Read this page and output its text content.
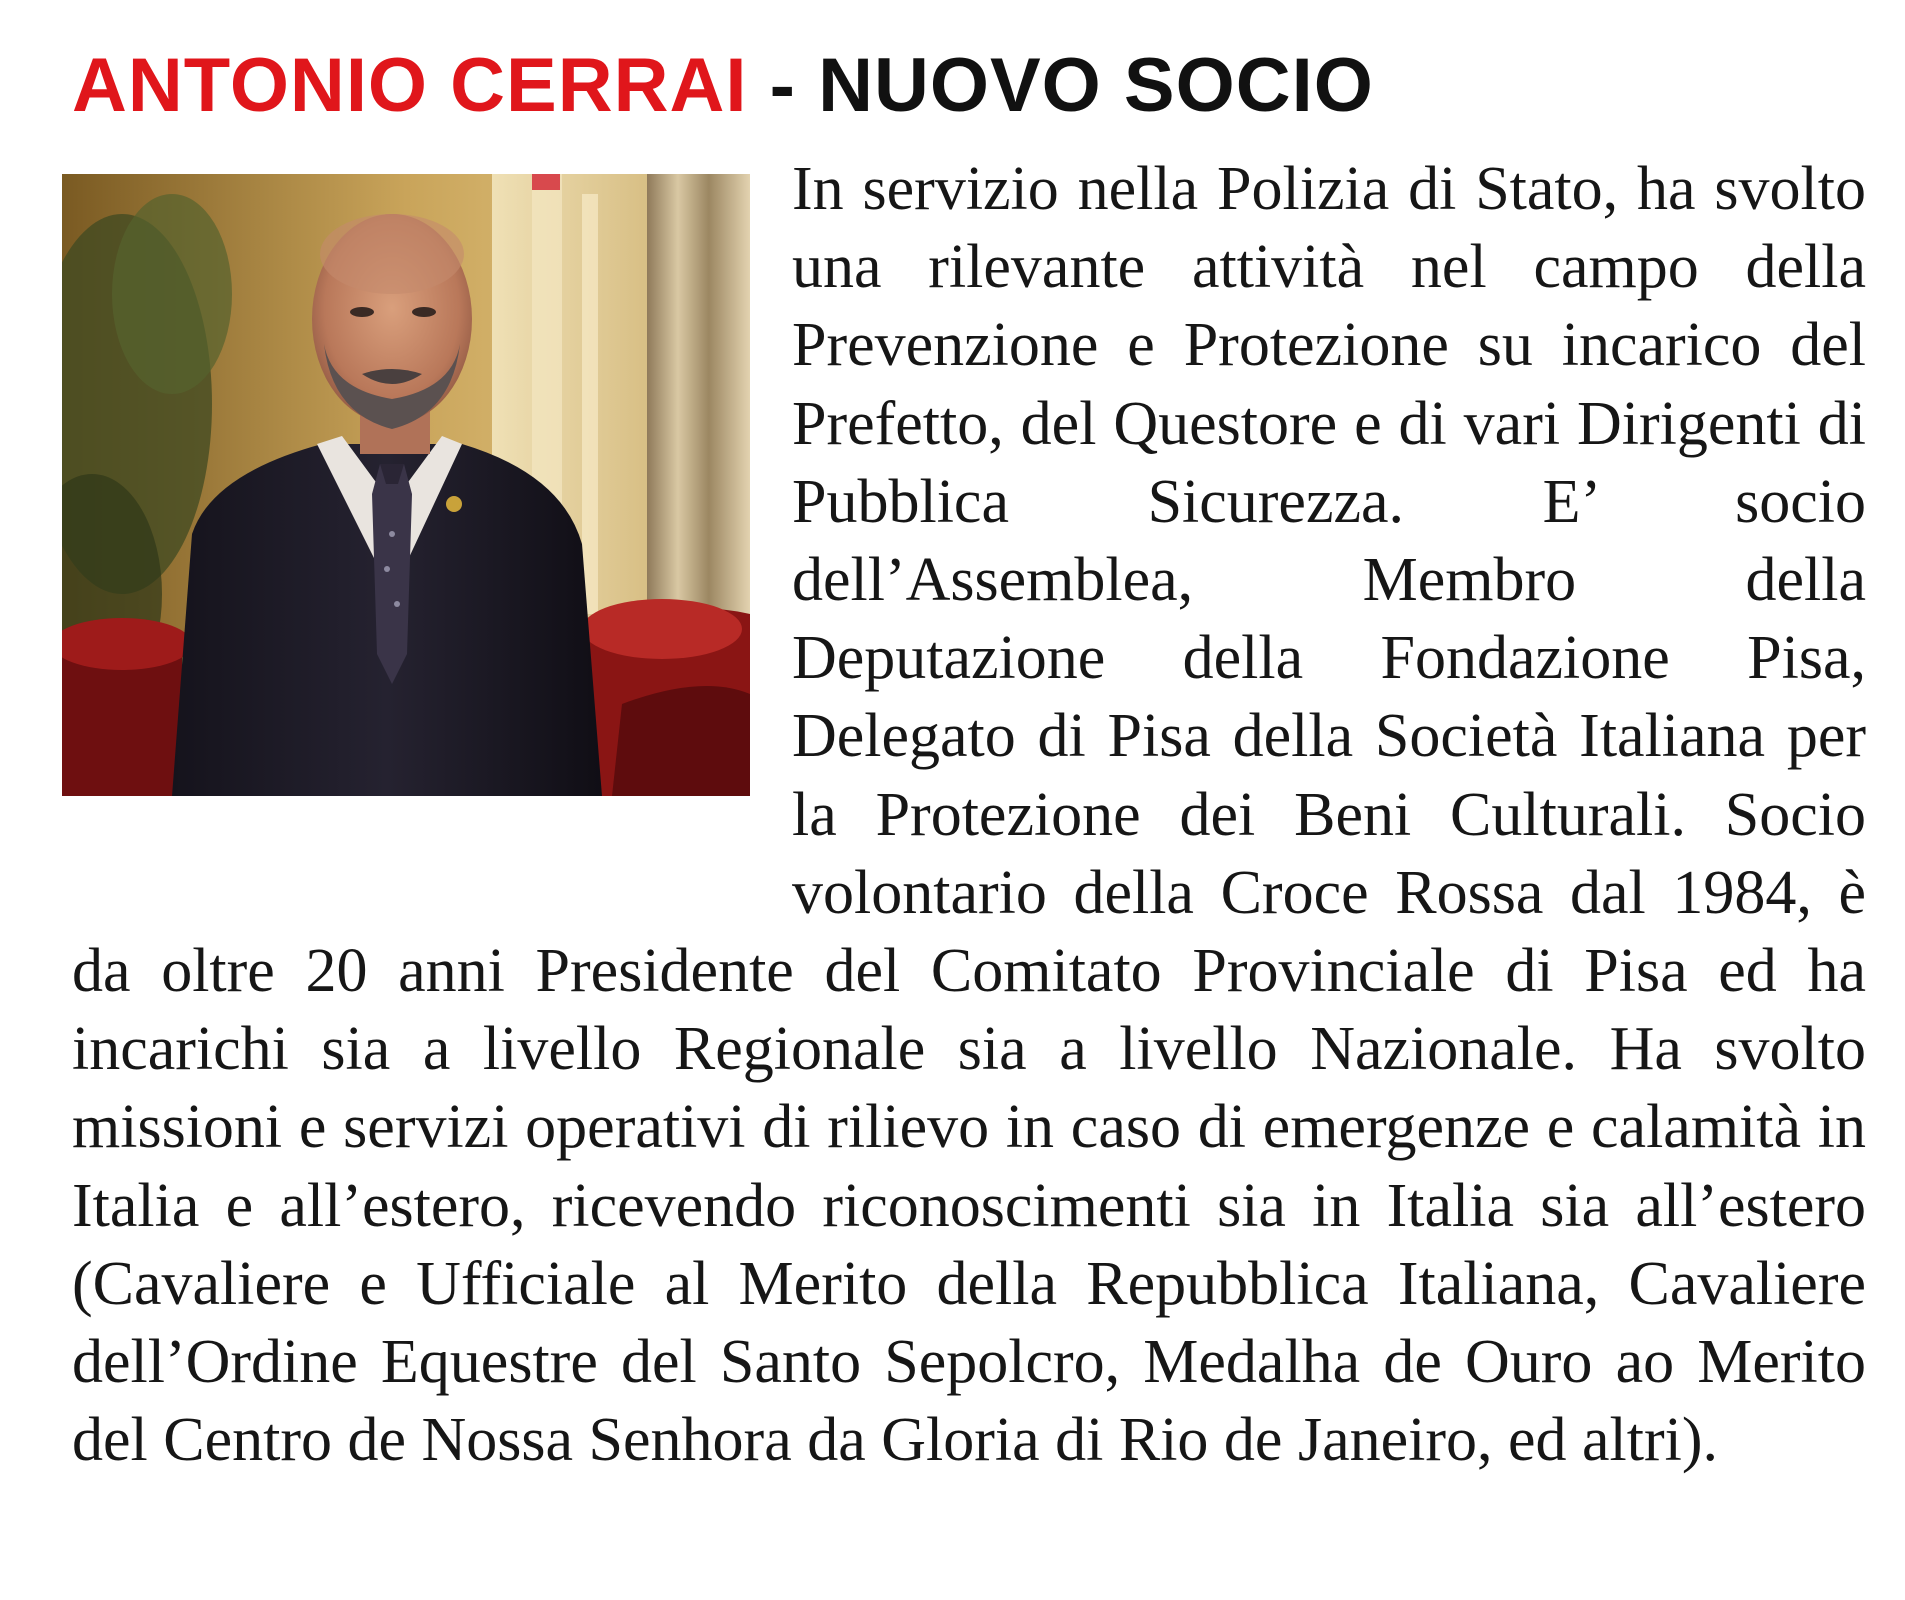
ANTONIO CERRAI - NUOVO SOCIO
In servizio nella Polizia di Stato, ha svolto una rilevante attività nel campo della Prevenzione e Protezione su incarico del Prefetto, del Questore e di vari Dirigenti di Pubblica Sicurezza. E’ socio dell’Assemblea, Membro della Deputazione della Fondazione Pisa, Delegato di Pisa della Società Italiana per la Protezione dei Beni Culturali. Socio volontario della Croce Rossa dal 1984, è da oltre 20 anni Presidente del Comitato Provinciale di Pisa ed ha incarichi sia a livello Regionale sia a livello Nazionale. Ha svolto missioni e servizi operativi di rilievo in caso di emergenze e calamità in Italia e all’estero, ricevendo riconoscimenti sia in Italia sia all’estero (Cavaliere e Ufficiale al Merito della Repubblica Italiana, Cavaliere dell’Ordine Equestre del Santo Sepolcro, Medalha de Ouro ao Merito del Centro de Nossa Senhora da Gloria di Rio de Janeiro, ed altri).
